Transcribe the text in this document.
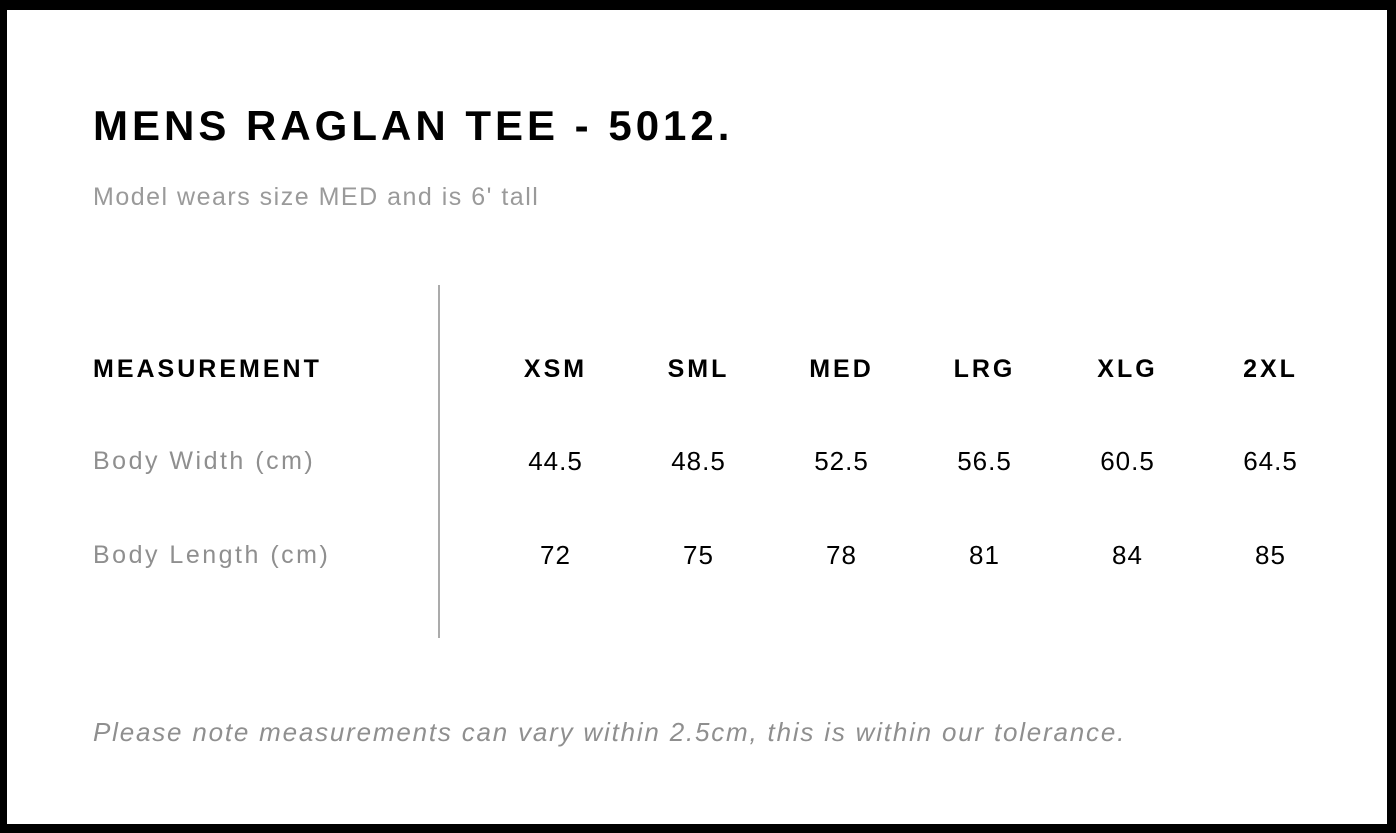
MENS RAGLAN TEE - 5012.

Model wears size MED and is 6' tall

MEASUREMENT	XSM	SML	MED	LRG	XLG	2XL
Body Width (cm)	44.5	48.5	52.5	56.5	60.5	64.5
Body Length (cm)	72	75	78	81	84	85

Please note measurements can vary within 2.5cm, this is within our tolerance.
